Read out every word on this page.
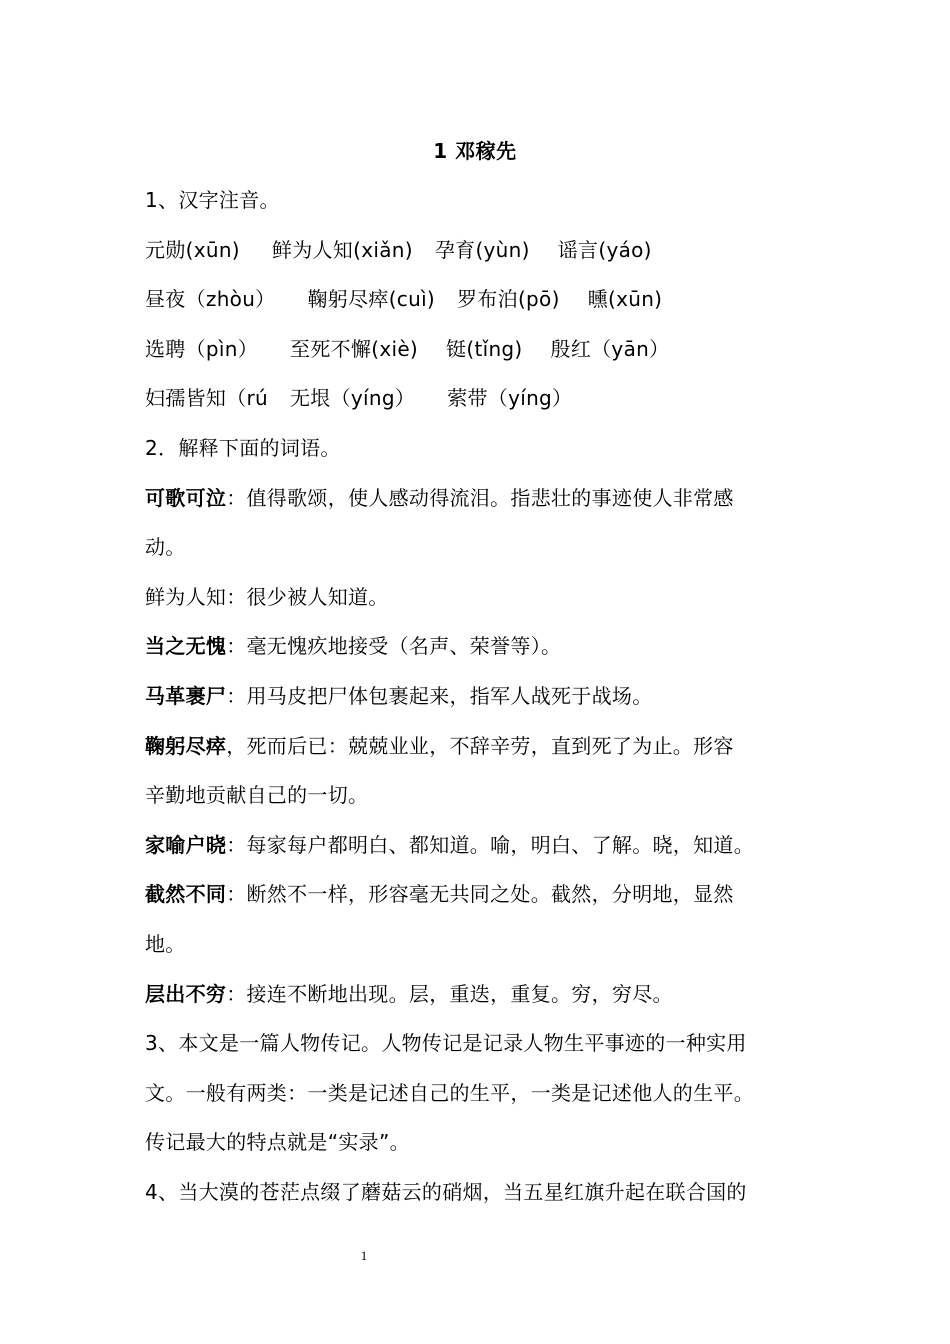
1 邓稼先
1、汉字注音。
元勋(xūn) 鲜为人知(xiǎn) 孕育(yùn) 谣言(yáo)
昼夜（zhòu） 鞠躬尽瘁(cuì) 罗布泊(pō) 曛(xūn)
选聘（pìn） 至死不懈(xiè) 铤(tǐng) 殷红（yān）
妇孺皆知（rú 无垠（yíng） 萦带（yíng）
2．解释下面的词语。
可歌可泣：值得歌颂，使人感动得流泪。指悲壮的事迹使人非常感
动。
鲜为人知：很少被人知道。
当之无愧：毫无愧疚地接受（名声、荣誉等）。
马革裹尸：用马皮把尸体包裹起来，指军人战死于战场。
鞠躬尽瘁，死而后已：兢兢业业，不辞辛劳，直到死了为止。形容
辛勤地贡献自己的一切。
家喻户晓：每家每户都明白、都知道。喻，明白、了解。晓，知道。
截然不同：断然不一样，形容毫无共同之处。截然，分明地，显然
地。
层出不穷：接连不断地出现。层，重迭，重复。穷，穷尽。
3、本文是一篇人物传记。人物传记是记录人物生平事迹的一种实用
文。一般有两类：一类是记述自己的生平，一类是记述他人的生平。
传记最大的特点就是“实录”。
4、当大漠的苍茫点缀了蘑菇云的硝烟，当五星红旗升起在联合国的
1
